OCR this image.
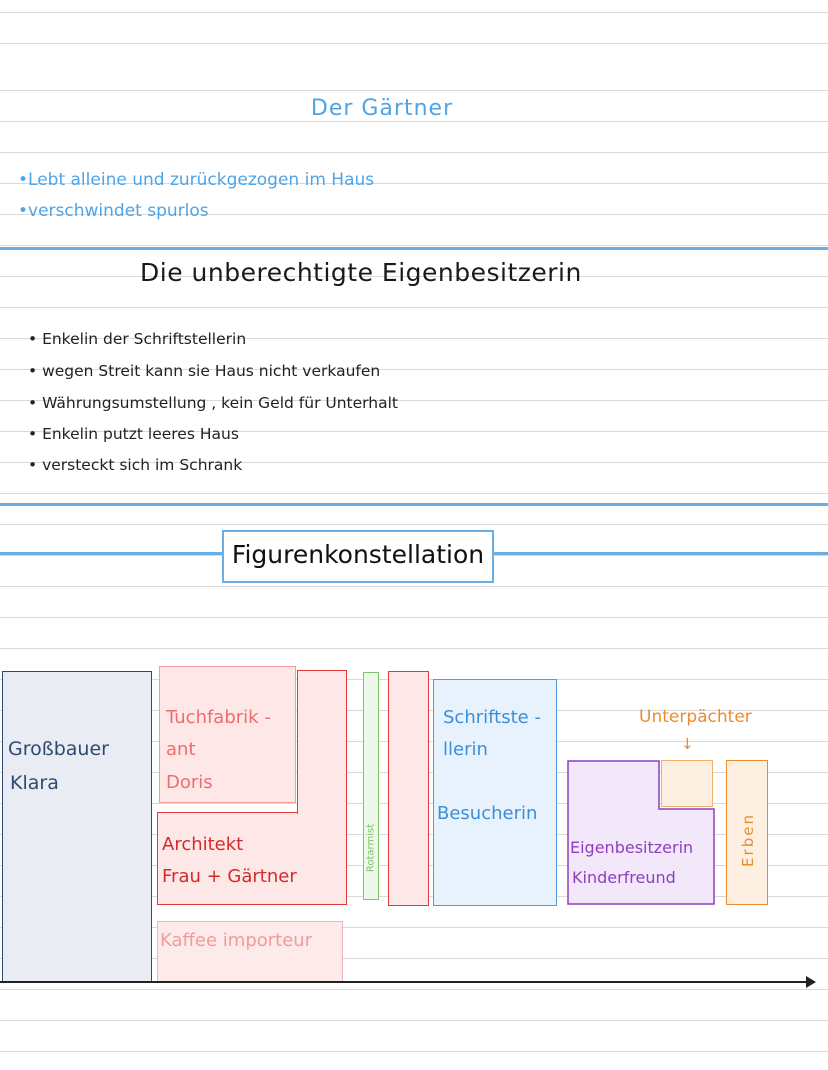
Der Gärtner
•Lebt alleine und zurückgezogen im Haus
•verschwindet spurlos
Die unberechtigte Eigenbesitzerin
• Enkelin der Schriftstellerin
• wegen Streit kann sie Haus nicht verkaufen
• Währungsumstellung , kein Geld für Unterhalt
• Enkelin putzt leeres Haus
• versteckt sich im Schrank
Figurenkonstellation
Großbauer
Klara
Tuchfabrik -
ant
Doris
Architekt
Frau + Gärtner
Kaffee importeur
Rotarmist
Schriftste -
llerin
Besucherin
Unterpächter
↓
Eigenbesitzerin
Kinderfreund
Erben
